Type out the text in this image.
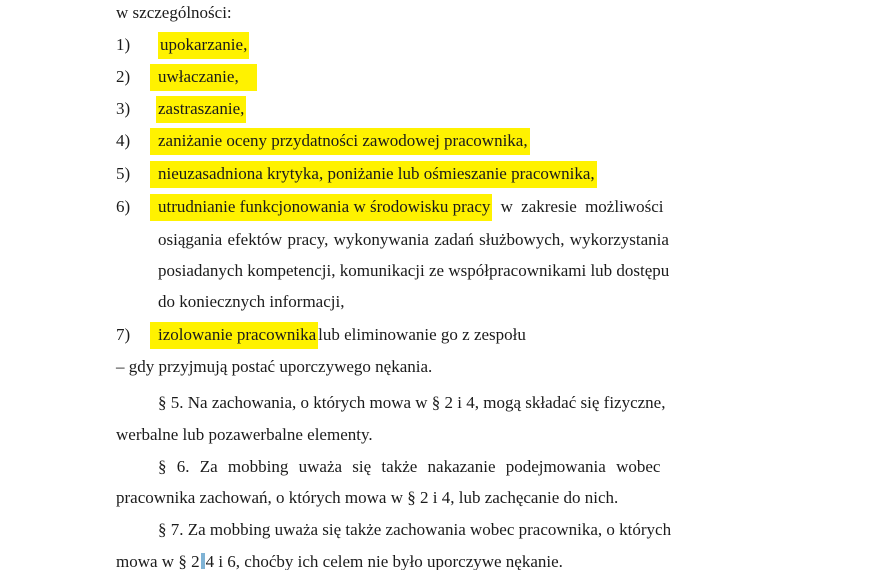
w szczególności:
1) upokarzanie,
2)	uwłaczanie,
3) zastraszanie,
4)	zaniżanie oceny przydatności zawodowej pracownika,
5)	nieuzasadniona krytyka, poniżanie lub ośmieszanie pracownika,
6)	utrudnianie funkcjonowania w środowisku pracy w zakresie możliwości
osiągania efektów pracy, wykonywania zadań służbowych, wykorzystania
posiadanych kompetencji, komunikacji ze współpracownikami lub dostępu
do koniecznych informacji,
7)	izolowanie pracownika lub eliminowanie go z zespołu
– gdy przyjmują postać uporczywego nękania.
§ 5. Na zachowania, o których mowa w § 2 i 4, mogą składać się fizyczne,
werbalne lub pozawerbalne elementy.
§ 6. Za mobbing uważa się także nakazanie podejmowania wobec
pracownika zachowań, o których mowa w § 2 i 4, lub zachęcanie do nich.
§ 7. Za mobbing uważa się także zachowania wobec pracownika, o których
mowa w § 2 4 i 6, choćby ich celem nie było uporczywe nękanie.
